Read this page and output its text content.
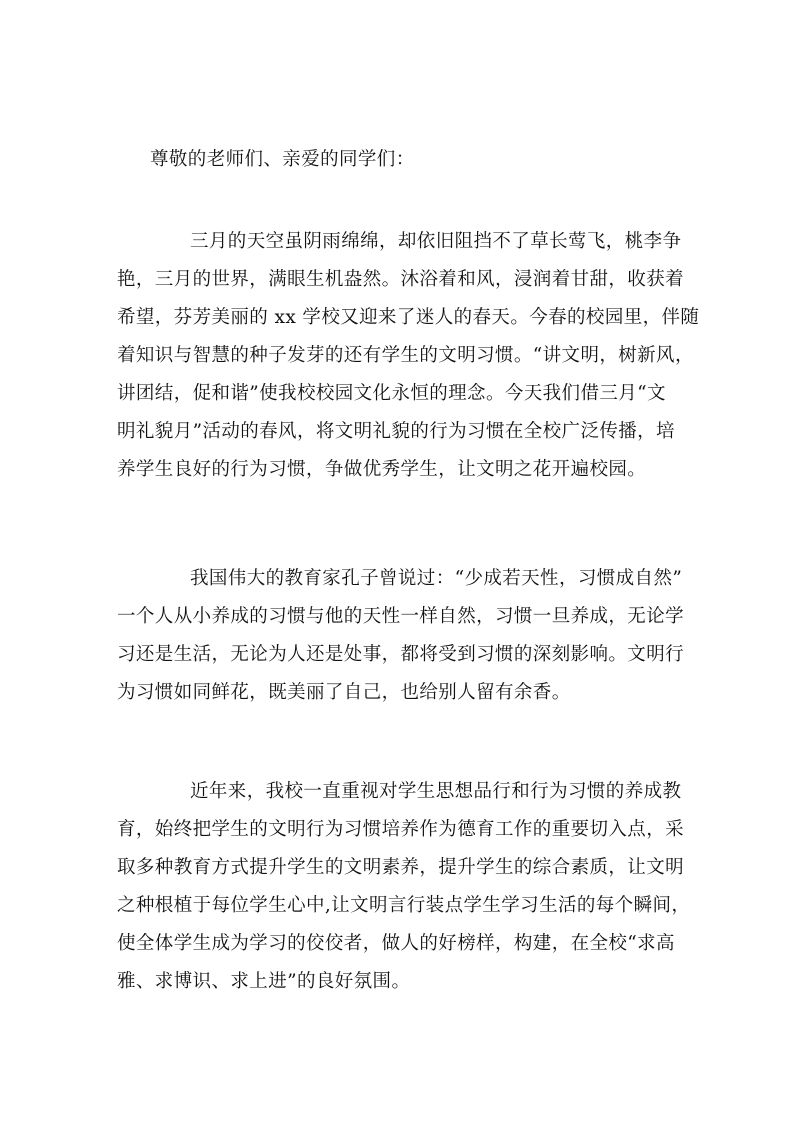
尊敬的老师们、亲爱的同学们：
三月的天空虽阴雨绵绵，却依旧阻挡不了草长莺飞，桃李争
艳，三月的世界，满眼生机盎然。沐浴着和风，浸润着甘甜，收获着
希望，芬芳美丽的 xx 学校又迎来了迷人的春天。今春的校园里，伴随
着知识与智慧的种子发芽的还有学生的文明习惯。“讲文明，树新风，
讲团结，促和谐”使我校校园文化永恒的理念。今天我们借三月“文
明礼貌月”活动的春风，将文明礼貌的行为习惯在全校广泛传播，培
养学生良好的行为习惯，争做优秀学生，让文明之花开遍校园。
我国伟大的教育家孔子曾说过：“少成若天性，习惯成自然”
一个人从小养成的习惯与他的天性一样自然，习惯一旦养成，无论学
习还是生活，无论为人还是处事，都将受到习惯的深刻影响。文明行
为习惯如同鲜花，既美丽了自己，也给别人留有余香。
近年来，我校一直重视对学生思想品行和行为习惯的养成教
育，始终把学生的文明行为习惯培养作为德育工作的重要切入点，采
取多种教育方式提升学生的文明素养，提升学生的综合素质，让文明
之种根植于每位学生心中,让文明言行装点学生学习生活的每个瞬间，
使全体学生成为学习的佼佼者，做人的好榜样，构建，在全校“求高
雅、求博识、求上进”的良好氛围。
